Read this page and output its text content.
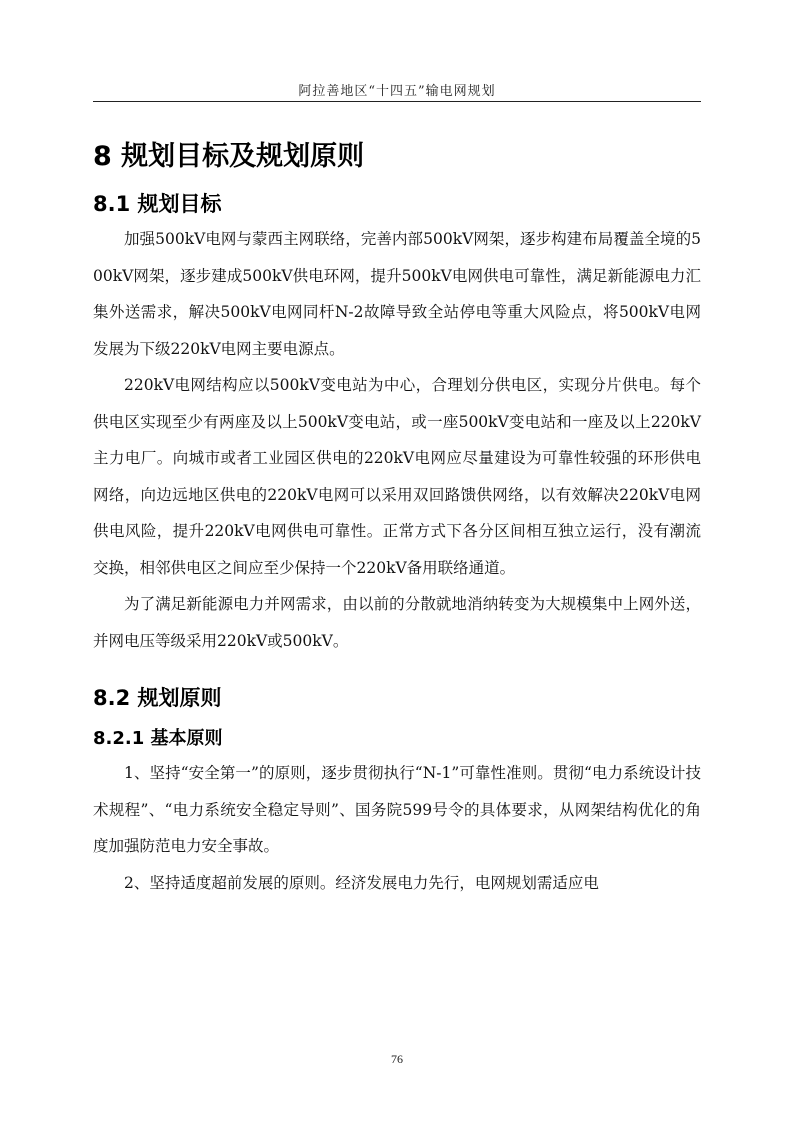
阿拉善地区“十四五”输电网规划
8 规划目标及规划原则
8.1 规划目标

加强500kV电网与蒙西主网联络，完善内部500kV网架，逐步构建布局覆盖全境的500kV网架，逐步建成500kV供电环网，提升500kV电网供电可靠性，满足新能源电力汇集外送需求，解决500kV电网同杆N-2故障导致全站停电等重大风险点，将500kV电网发展为下级220kV电网主要电源点。

220kV电网结构应以500kV变电站为中心，合理划分供电区，实现分片供电。每个供电区实现至少有两座及以上500kV变电站，或一座500kV变电站和一座及以上220kV主力电厂。向城市或者工业园区供电的220kV电网应尽量建设为可靠性较强的环形供电网络，向边远地区供电的220kV电网可以采用双回路馈供网络，以有效解决220kV电网供电风险，提升220kV电网供电可靠性。正常方式下各分区间相互独立运行，没有潮流交换，相邻供电区之间应至少保持一个220kV备用联络通道。

为了满足新能源电力并网需求，由以前的分散就地消纳转变为大规模集中上网外送，并网电压等级采用220kV或500kV。

8.2 规划原则
8.2.1 基本原则

1、坚持“安全第一”的原则，逐步贯彻执行“N-1”可靠性准则。贯彻“电力系统设计技术规程”、“电力系统安全稳定导则”、国务院599号令的具体要求，从网架结构优化的角度加强防范电力安全事故。

2、坚持适度超前发展的原则。经济发展电力先行，电网规划需适应电

76
